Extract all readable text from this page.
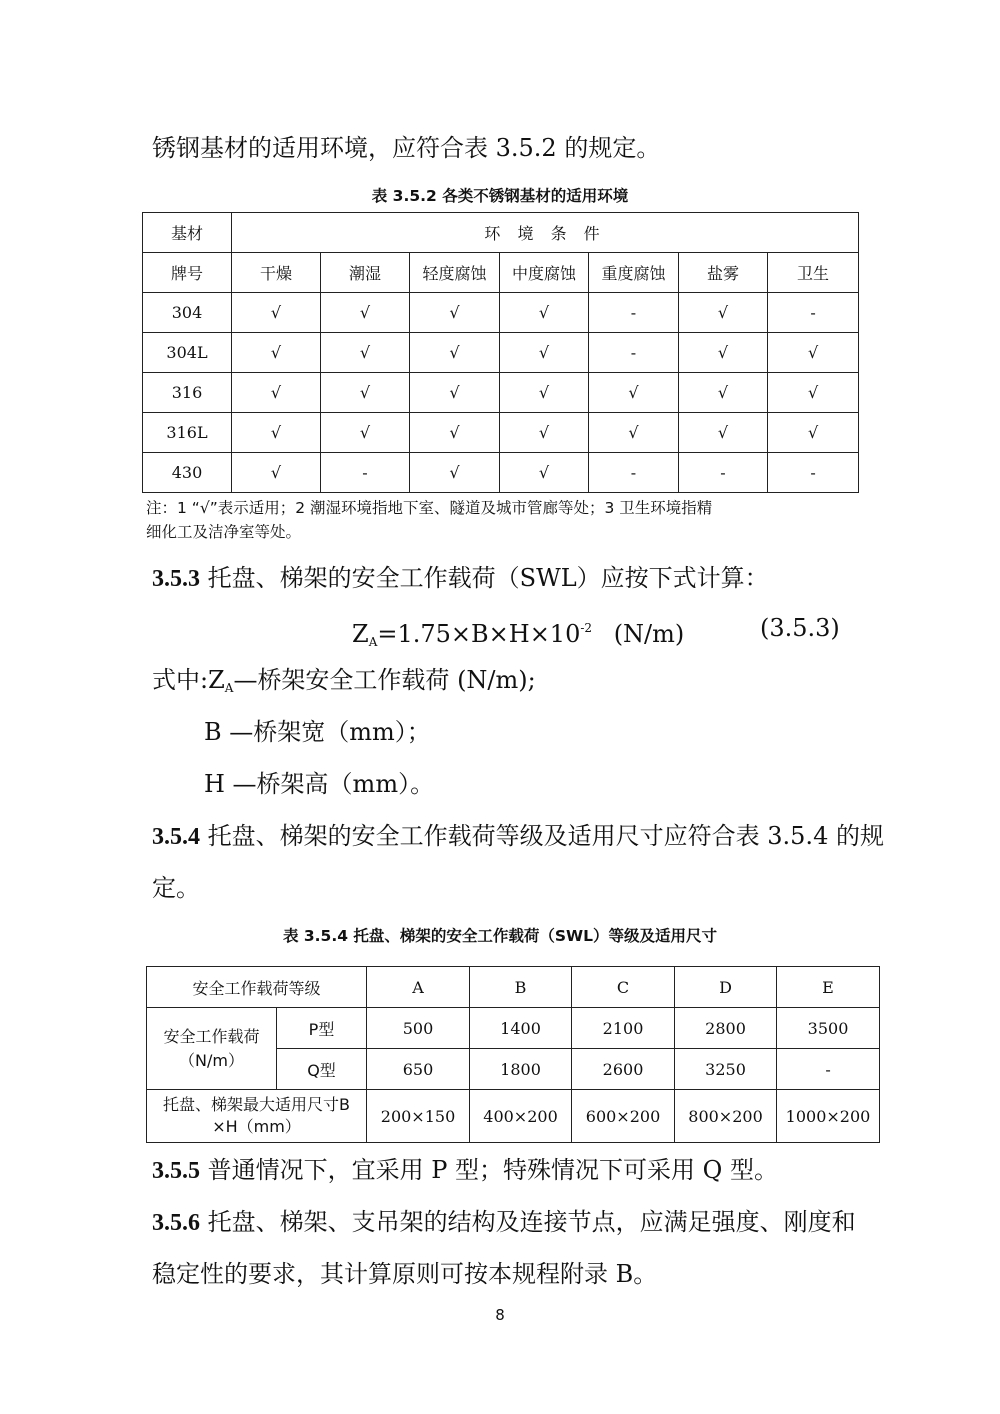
锈钢基材的适用环境，应符合表 3.5.2 的规定。
表 3.5.2 各类不锈钢基材的适用环境
基材	环 境 条 件						
牌号	干燥	潮湿	轻度腐蚀	中度腐蚀	重度腐蚀	盐雾	卫生
304	√	√	√	√	-	√	-
304L	√	√	√	√	-	√	√
316	√	√	√	√	√	√	√
316L	√	√	√	√	√	√	√
430	√	-	√	√	-	-	-
注：1 “√”表示适用；2 潮湿环境指地下室、隧道及城市管廊等处；3 卫生环境指精
细化工及洁净室等处。
3.5.3 托盘、梯架的安全工作载荷（SWL）应按下式计算：
$Z_A=1.75\times B\times H\times 10^{-2}$ (N/m)	(3.5.3)
式中$:Z_A—$桥架安全工作载荷 (N/m);
B —桥架宽（mm）；
H —桥架高（mm）。
3.5.4 托盘、梯架的安全工作载荷等级及适用尺寸应符合表 3.5.4 的规
定。
表 3.5.4 托盘、梯架的安全工作载荷（SWL）等级及适用尺寸
安全工作载荷等级		A	B	C	D	E

安全工作载荷
（N/m）	P型	500	1400	2100	2800	3500
	Q型	650	1800	2600	3250	-

托盘、梯架最大适用尺寸B
×H（mm）		200×150	400×200	600×200	800×200	1000×200
3.5.5 普通情况下，宜采用 P 型；特殊情况下可采用 Q 型。
3.5.6 托盘、梯架、支吊架的结构及连接节点，应满足强度、刚度和
稳定性的要求，其计算原则可按本规程附录 B。
8
